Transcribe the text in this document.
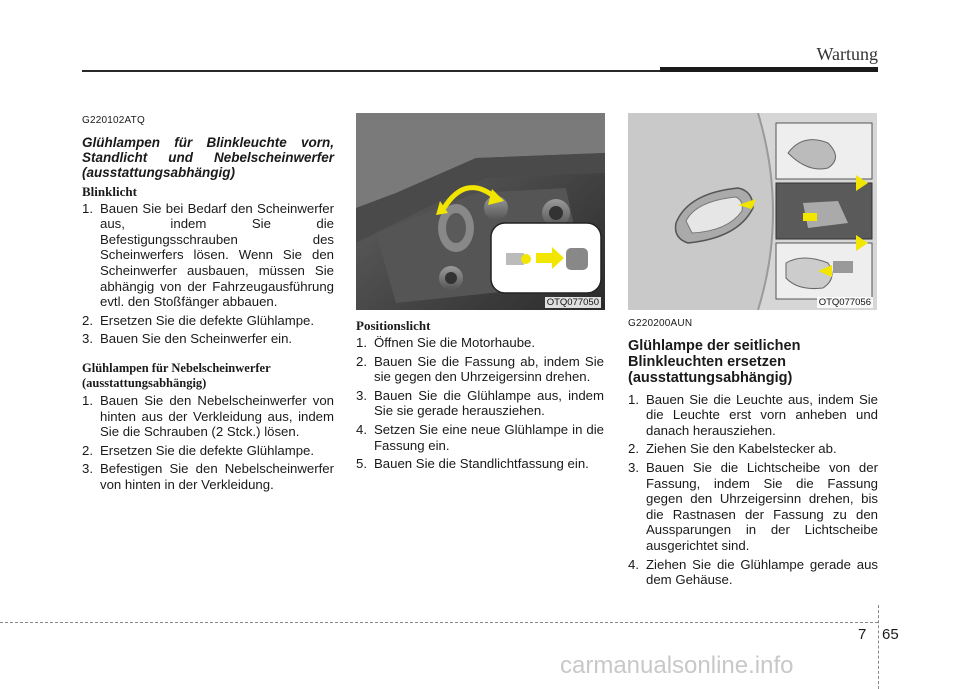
Wartung
G220102ATQ
Glühlampen für Blinkleuchte vorn, Standlicht und Nebelscheinwerfer (ausstattungsabhängig)
Blinklicht
1. Bauen Sie bei Bedarf den Scheinwerfer aus, indem Sie die Befestigungsschrauben des Scheinwerfers lösen. Wenn Sie den Scheinwerfer ausbauen, müssen Sie abhängig von der Fahrzeugausführung evtl. den Stoßfänger abbauen.
2. Ersetzen Sie die defekte Glühlampe.
3. Bauen Sie den Scheinwerfer ein.
Glühlampen für Nebelscheinwerfer
(ausstattungsabhängig)
1. Bauen Sie den Nebelscheinwerfer von hinten aus der Verkleidung aus, indem Sie die Schrauben (2 Stck.) lösen.
2. Ersetzen Sie die defekte Glühlampe.
3. Befestigen Sie den Nebelscheinwerfer von hinten in der Verkleidung.
OTQ077050	OTQ077056
Positionslicht
1. Öffnen Sie die Motorhaube.
2. Bauen Sie die Fassung ab, indem Sie sie gegen den Uhrzeigersinn drehen.
3. Bauen Sie die Glühlampe aus, indem Sie sie gerade herausziehen.
4. Setzen Sie eine neue Glühlampe in die Fassung ein.
5. Bauen Sie die Standlichtfassung ein.
G220200AUN
Glühlampe der seitlichen Blinkleuchten ersetzen (ausstattungsabhängig)
1. Bauen Sie die Leuchte aus, indem Sie die Leuchte erst vorn anheben und danach herausziehen.
2. Ziehen Sie den Kabelstecker ab.
3. Bauen Sie die Lichtscheibe von der Fassung, indem Sie die Fassung gegen den Uhrzeigersinn drehen, bis die Rastnasen der Fassung zu den Aussparungen in der Lichtscheibe ausgerichtet sind.
4. Ziehen Sie die Glühlampe gerade aus dem Gehäuse.
7 65
carmanualsonline.info
